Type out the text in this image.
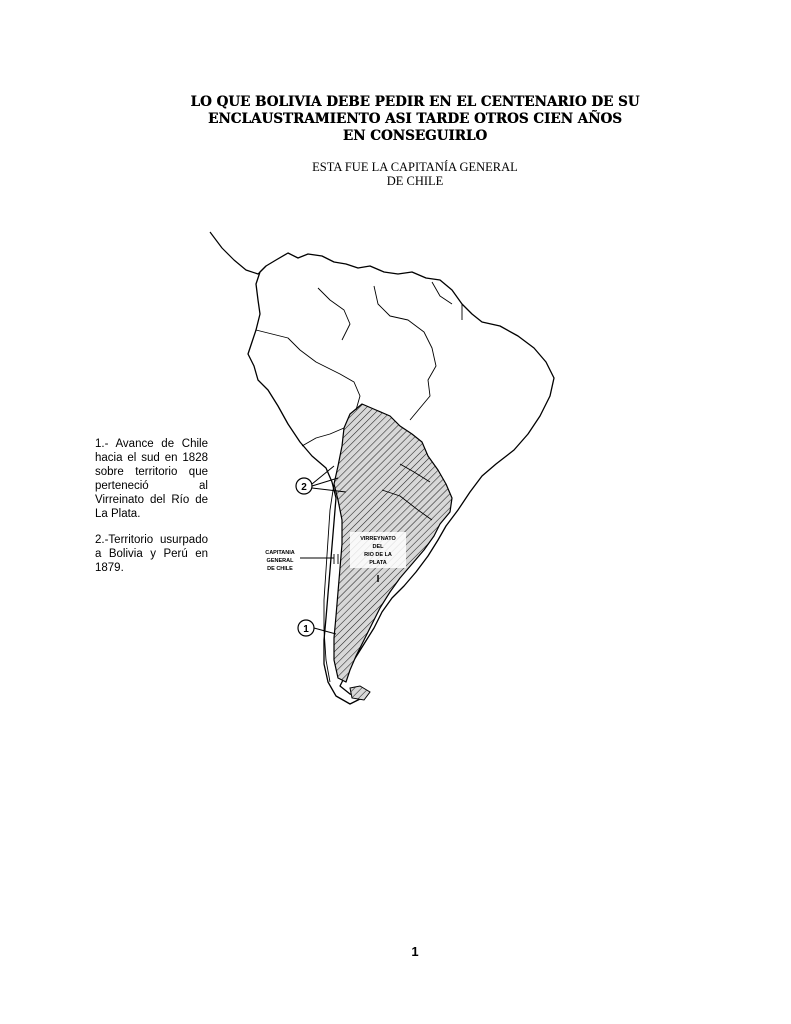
LO QUE BOLIVIA DEBE PEDIR EN EL CENTENARIO DE SU
ENCLAUSTRAMIENTO ASI TARDE OTROS CIEN AÑOS
EN CONSEGUIRLO
ESTA FUE LA CAPITANÍA GENERAL
DE CHILE

1.- Avance de Chile hacia el sud en 1828 sobre territorio que perteneció al Virreinato del Río de La Plata.

2.-Territorio usurpado a Bolivia y Perú en 1879.

2
1
CAPITANIA
GENERAL
DE CHILE
VIRREYNATO
DEL
RIO DE LA
PLATA
I
1
